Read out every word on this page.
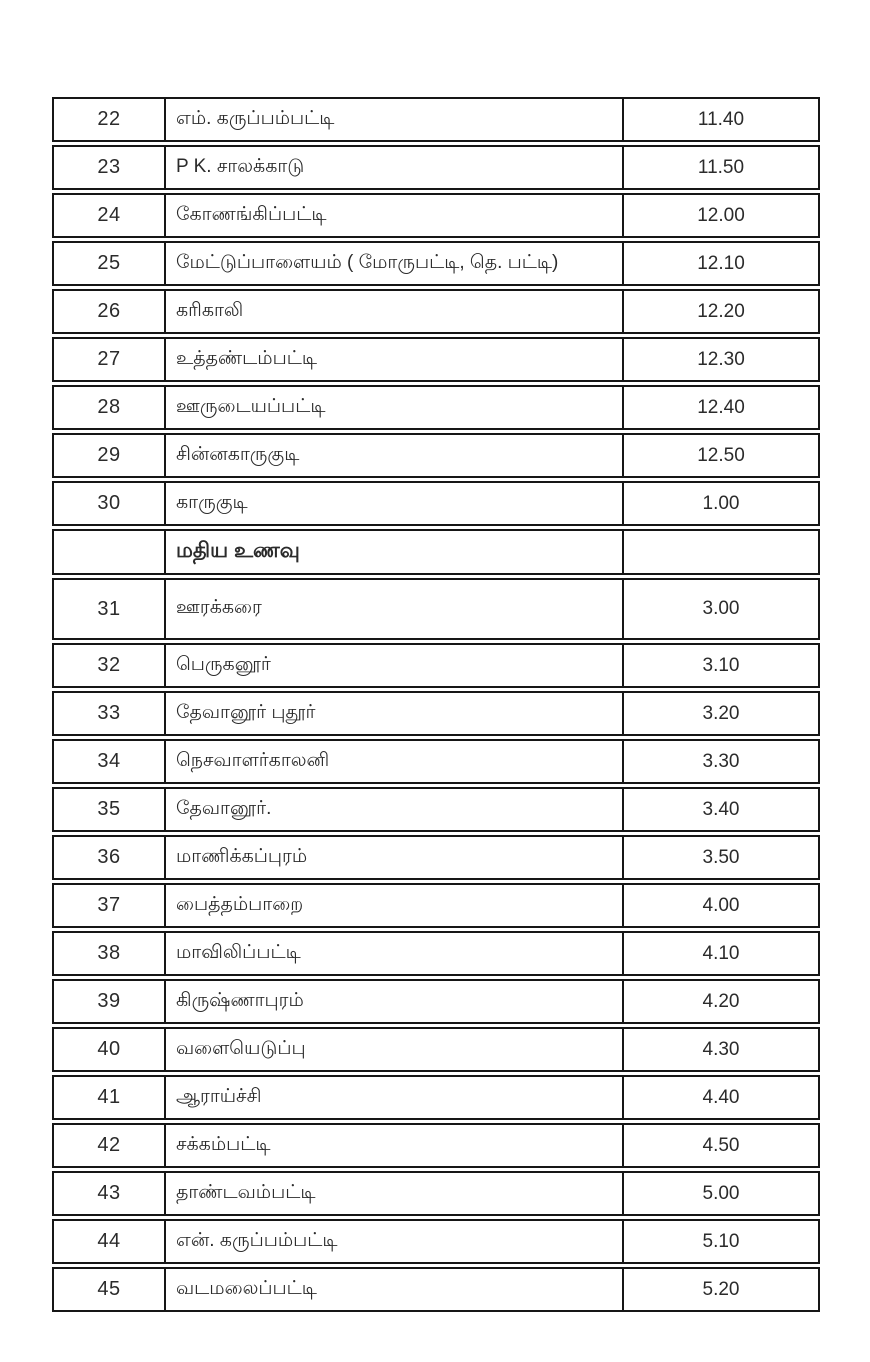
22	எம். கருப்பம்பட்டி	11.40
23	P K. சாலக்காடு	11.50
24	கோணங்கிப்பட்டி	12.00
25	மேட்டுப்பாளையம் ( மோருபட்டி, தெ. பட்டி)	12.10
26	கரிகாலி	12.20
27	உத்தண்டம்பட்டி	12.30
28	ஊருடையப்பட்டி	12.40
29	சின்னகாருகுடி	12.50
30	காருகுடி	1.00
	மதிய உணவு	
31	ஊரக்கரை	3.00
32	பெருகனூர்	3.10
33	தேவானூர் புதூர்	3.20
34	நெசவாளர்காலனி	3.30
35	தேவானூர்.	3.40
36	மாணிக்கப்புரம்	3.50
37	பைத்தம்பாறை	4.00
38	மாவிலிப்பட்டி	4.10
39	கிருஷ்ணாபுரம்	4.20
40	வளையெடுப்பு	4.30
41	ஆராய்ச்சி	4.40
42	சக்கம்பட்டி	4.50
43	தாண்டவம்பட்டி	5.00
44	என். கருப்பம்பட்டி	5.10
45	வடமலைப்பட்டி	5.20
